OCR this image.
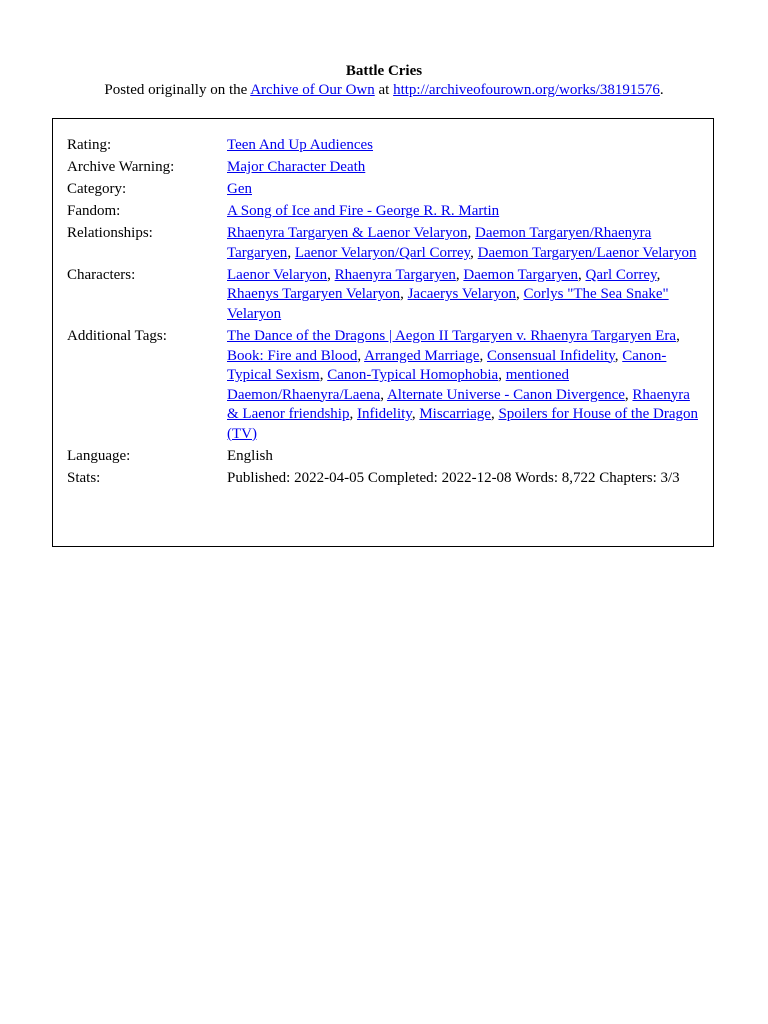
Battle Cries
Posted originally on the Archive of Our Own at http://archiveofourown.org/works/38191576.
Rating:	Teen And Up Audiences
Archive Warning:	Major Character Death
Category:	Gen
Fandom:	A Song of Ice and Fire - George R. R. Martin
Relationships:	Rhaenyra Targaryen & Laenor Velaryon, Daemon Targaryen/Rhaenyra Targaryen, Laenor Velaryon/Qarl Correy, Daemon Targaryen/Laenor Velaryon
Characters:	Laenor Velaryon, Rhaenyra Targaryen, Daemon Targaryen, Qarl Correy, Rhaenys Targaryen Velaryon, Jacaerys Velaryon, Corlys "The Sea Snake" Velaryon
Additional Tags:	The Dance of the Dragons | Aegon II Targaryen v. Rhaenyra Targaryen Era, Book: Fire and Blood, Arranged Marriage, Consensual Infidelity, Canon-Typical Sexism, Canon-Typical Homophobia, mentioned Daemon/Rhaenyra/Laena, Alternate Universe - Canon Divergence, Rhaenyra & Laenor friendship, Infidelity, Miscarriage, Spoilers for House of the Dragon (TV)
Language:	English
Stats:	Published: 2022-04-05 Completed: 2022-12-08 Words: 8,722 Chapters: 3/3
